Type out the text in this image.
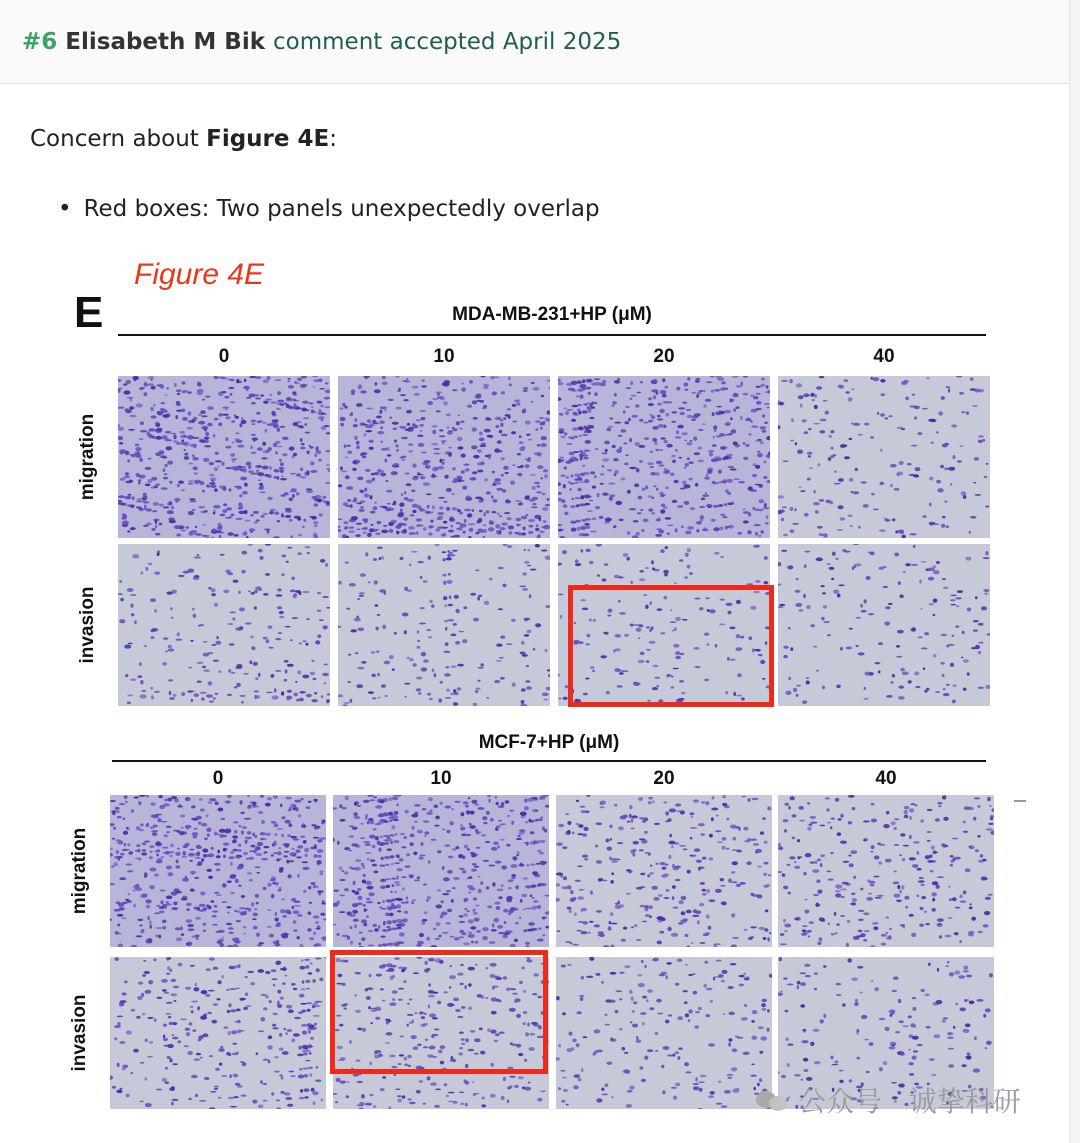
#6 Elisabeth M Bik comment accepted April 2025

Concern about Figure 4E:

• Red boxes: Two panels unexpectedly overlap
Figure 4E
E	MDA-MB-231+HP (μM)
0	10	20	40
migration
invasion
MCF-7+HP (μM)
0	10	20	40
migration
invasion
公众号 · 诚挚科研
